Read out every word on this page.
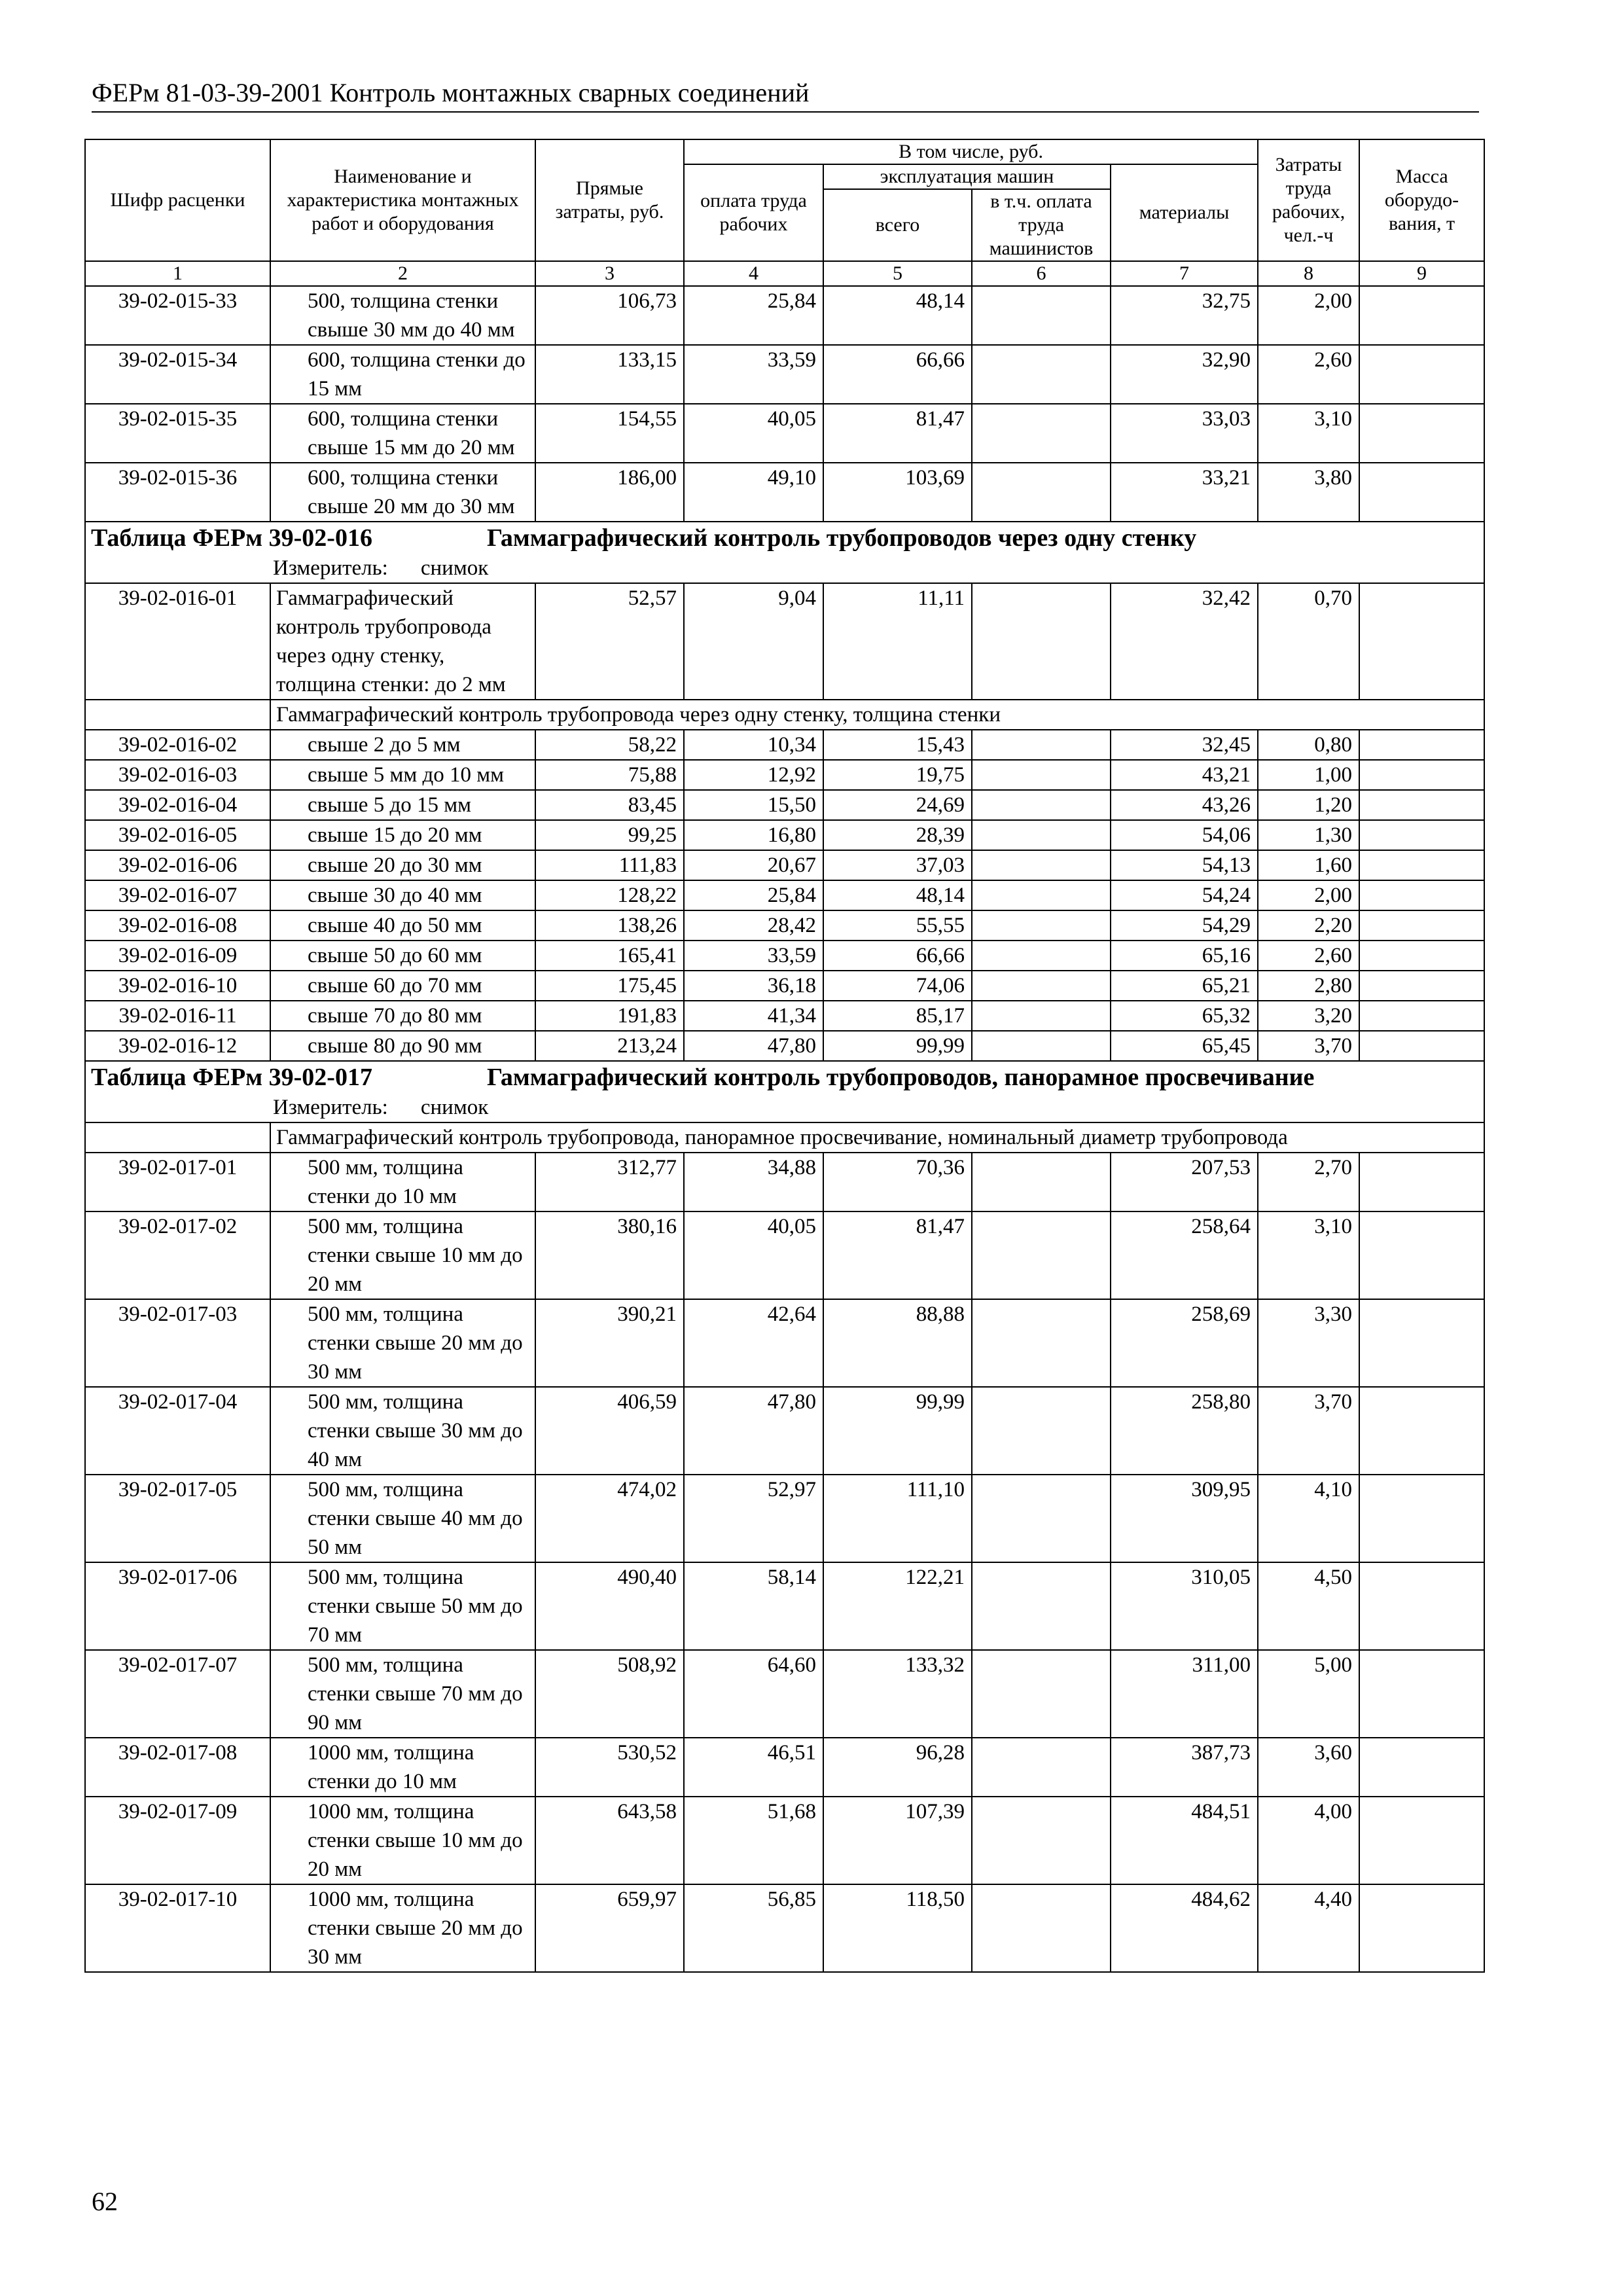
ФЕРм 81-03-39-2001 Контроль монтажных сварных соединений
Шифр расценки	Наименование и характеристика монтажных работ и оборудования	Прямые затраты, руб.	В том числе, руб.				Затраты труда рабочих, чел.-ч	Масса оборудо-вания, т
			оплата труда рабочих	эксплуатация машин		материалы		
				всего	в т.ч. оплата труда машинистов			
1	2	3	4	5	6	7	8	9
39-02-015-33	500, толщина стенки свыше 30 мм до 40 мм	106,73	25,84	48,14		32,75	2,00	
39-02-015-34	600, толщина стенки до 15 мм	133,15	33,59	66,66		32,90	2,60	
39-02-015-35	600, толщина стенки свыше 15 мм до 20 мм	154,55	40,05	81,47		33,03	3,10	
39-02-015-36	600, толщина стенки свыше 20 мм до 30 мм	186,00	49,10	103,69		33,21	3,80	
Таблица ФЕРм 39-02-016 Гаммаграфический контроль трубопроводов через одну стенку								
Измеритель: снимок								
39-02-016-01	Гаммаграфический контроль трубопровода через одну стенку, толщина стенки: до 2 мм	52,57	9,04	11,11		32,42	0,70	
	Гаммаграфический контроль трубопровода через одну стенку, толщина стенки							
39-02-016-02	свыше 2 до 5 мм	58,22	10,34	15,43		32,45	0,80	
39-02-016-03	свыше 5 мм до 10 мм	75,88	12,92	19,75		43,21	1,00	
39-02-016-04	свыше 5 до 15 мм	83,45	15,50	24,69		43,26	1,20	
39-02-016-05	свыше 15 до 20 мм	99,25	16,80	28,39		54,06	1,30	
39-02-016-06	свыше 20 до 30 мм	111,83	20,67	37,03		54,13	1,60	
39-02-016-07	свыше 30 до 40 мм	128,22	25,84	48,14		54,24	2,00	
39-02-016-08	свыше 40 до 50 мм	138,26	28,42	55,55		54,29	2,20	
39-02-016-09	свыше 50 до 60 мм	165,41	33,59	66,66		65,16	2,60	
39-02-016-10	свыше 60 до 70 мм	175,45	36,18	74,06		65,21	2,80	
39-02-016-11	свыше 70 до 80 мм	191,83	41,34	85,17		65,32	3,20	
39-02-016-12	свыше 80 до 90 мм	213,24	47,80	99,99		65,45	3,70	
Таблица ФЕРм 39-02-017 Гаммаграфический контроль трубопроводов, панорамное просвечивание								
Измеритель: снимок								
	Гаммаграфический контроль трубопровода, панорамное просвечивание, номинальный диаметр трубопровода							
39-02-017-01	500 мм, толщина стенки до 10 мм	312,77	34,88	70,36		207,53	2,70	
39-02-017-02	500 мм, толщина стенки свыше 10 мм до 20 мм	380,16	40,05	81,47		258,64	3,10	
39-02-017-03	500 мм, толщина стенки свыше 20 мм до 30 мм	390,21	42,64	88,88		258,69	3,30	
39-02-017-04	500 мм, толщина стенки свыше 30 мм до 40 мм	406,59	47,80	99,99		258,80	3,70	
39-02-017-05	500 мм, толщина стенки свыше 40 мм до 50 мм	474,02	52,97	111,10		309,95	4,10	
39-02-017-06	500 мм, толщина стенки свыше 50 мм до 70 мм	490,40	58,14	122,21		310,05	4,50	
39-02-017-07	500 мм, толщина стенки свыше 70 мм до 90 мм	508,92	64,60	133,32		311,00	5,00	
39-02-017-08	1000 мм, толщина стенки до 10 мм	530,52	46,51	96,28		387,73	3,60	
39-02-017-09	1000 мм, толщина стенки свыше 10 мм до 20 мм	643,58	51,68	107,39		484,51	4,00	
39-02-017-10	1000 мм, толщина стенки свыше 20 мм до 30 мм	659,97	56,85	118,50		484,62	4,40	
62
